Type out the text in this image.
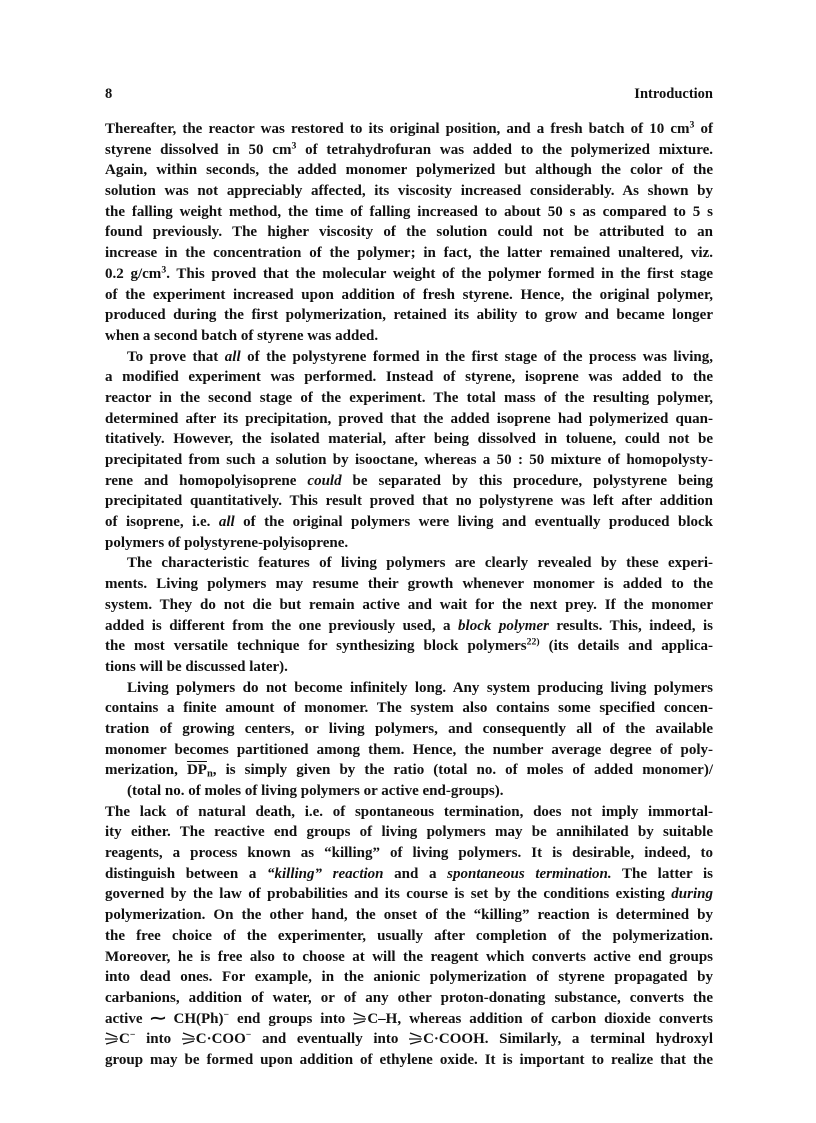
8	Introduction
Thereafter, the reactor was restored to its original position, and a fresh batch of 10 $cm^3$ of
styrene dissolved in 50 $cm^3$ of tetrahydrofuran was added to the polymerized mixture.
Again, within seconds, the added monomer polymerized but although the color of the
solution was not appreciably affected, its viscosity increased considerably. As shown by
the falling weight method, the time of falling increased to about 50 s as compared to 5 s
found previously. The higher viscosity of the solution could not be attributed to an
increase in the concentration of the polymer; in fact, the latter remained unaltered, viz.
0.2 $g/cm^3$. This proved that the molecular weight of the polymer formed in the first stage
of the experiment increased upon addition of fresh styrene. Hence, the original polymer,
produced during the first polymerization, retained its ability to grow and became longer
when a second batch of styrene was added.
To prove that all of the polystyrene formed in the first stage of the process was living,
a modified experiment was performed. Instead of styrene, isoprene was added to the
reactor in the second stage of the experiment. The total mass of the resulting polymer,
determined after its precipitation, proved that the added isoprene had polymerized quan-
titatively. However, the isolated material, after being dissolved in toluene, could not be
precipitated from such a solution by isooctane, whereas a 50 : 50 mixture of homopolysty-
rene and homopolyisoprene could be separated by this procedure, polystyrene being
precipitated quantitatively. This result proved that no polystyrene was left after addition
of isoprene, i.e. all of the original polymers were living and eventually produced block
polymers of polystyrene-polyisoprene.
The characteristic features of living polymers are clearly revealed by these experi-
ments. Living polymers may resume their growth whenever monomer is added to the
system. They do not die but remain active and wait for the next prey. If the monomer
added is different from the one previously used, a block polymer results. This, indeed, is
the most versatile technique for synthesizing block polymers$^{22)}$ (its details and applica-
tions will be discussed later).
Living polymers do not become infinitely long. Any system producing living polymers
contains a finite amount of monomer. The system also contains some specified concen-
tration of growing centers, or living polymers, and consequently all of the available
monomer becomes partitioned among them. Hence, the number average degree of poly-
merization, $\overline{DP}_n$, is simply given by the ratio (total no. of moles of added monomer)/
(total no. of moles of living polymers or active end-groups).
The lack of natural death, i.e. of spontaneous termination, does not imply immortal-
ity either. The reactive end groups of living polymers may be annihilated by suitable
reagents, a process known as “killing” of living polymers. It is desirable, indeed, to
distinguish between a “killing” reaction and a spontaneous termination. The latter is
governed by the law of probabilities and its course is set by the conditions existing during
polymerization. On the other hand, the onset of the “killing” reaction is determined by
the free choice of the experimenter, usually after completion of the polymerization.
Moreover, he is free also to choose at will the reagent which converts active end groups
into dead ones. For example, in the anionic polymerization of styrene propagated by
carbanions, addition of water, or of any other proton-donating substance, converts the
active ⁓ CH(Ph)− end groups into C–H, whereas addition of carbon dioxide converts
C− into C·COO− and eventually into C·COOH. Similarly, a terminal hydroxyl
group may be formed upon addition of ethylene oxide. It is important to realize that the
